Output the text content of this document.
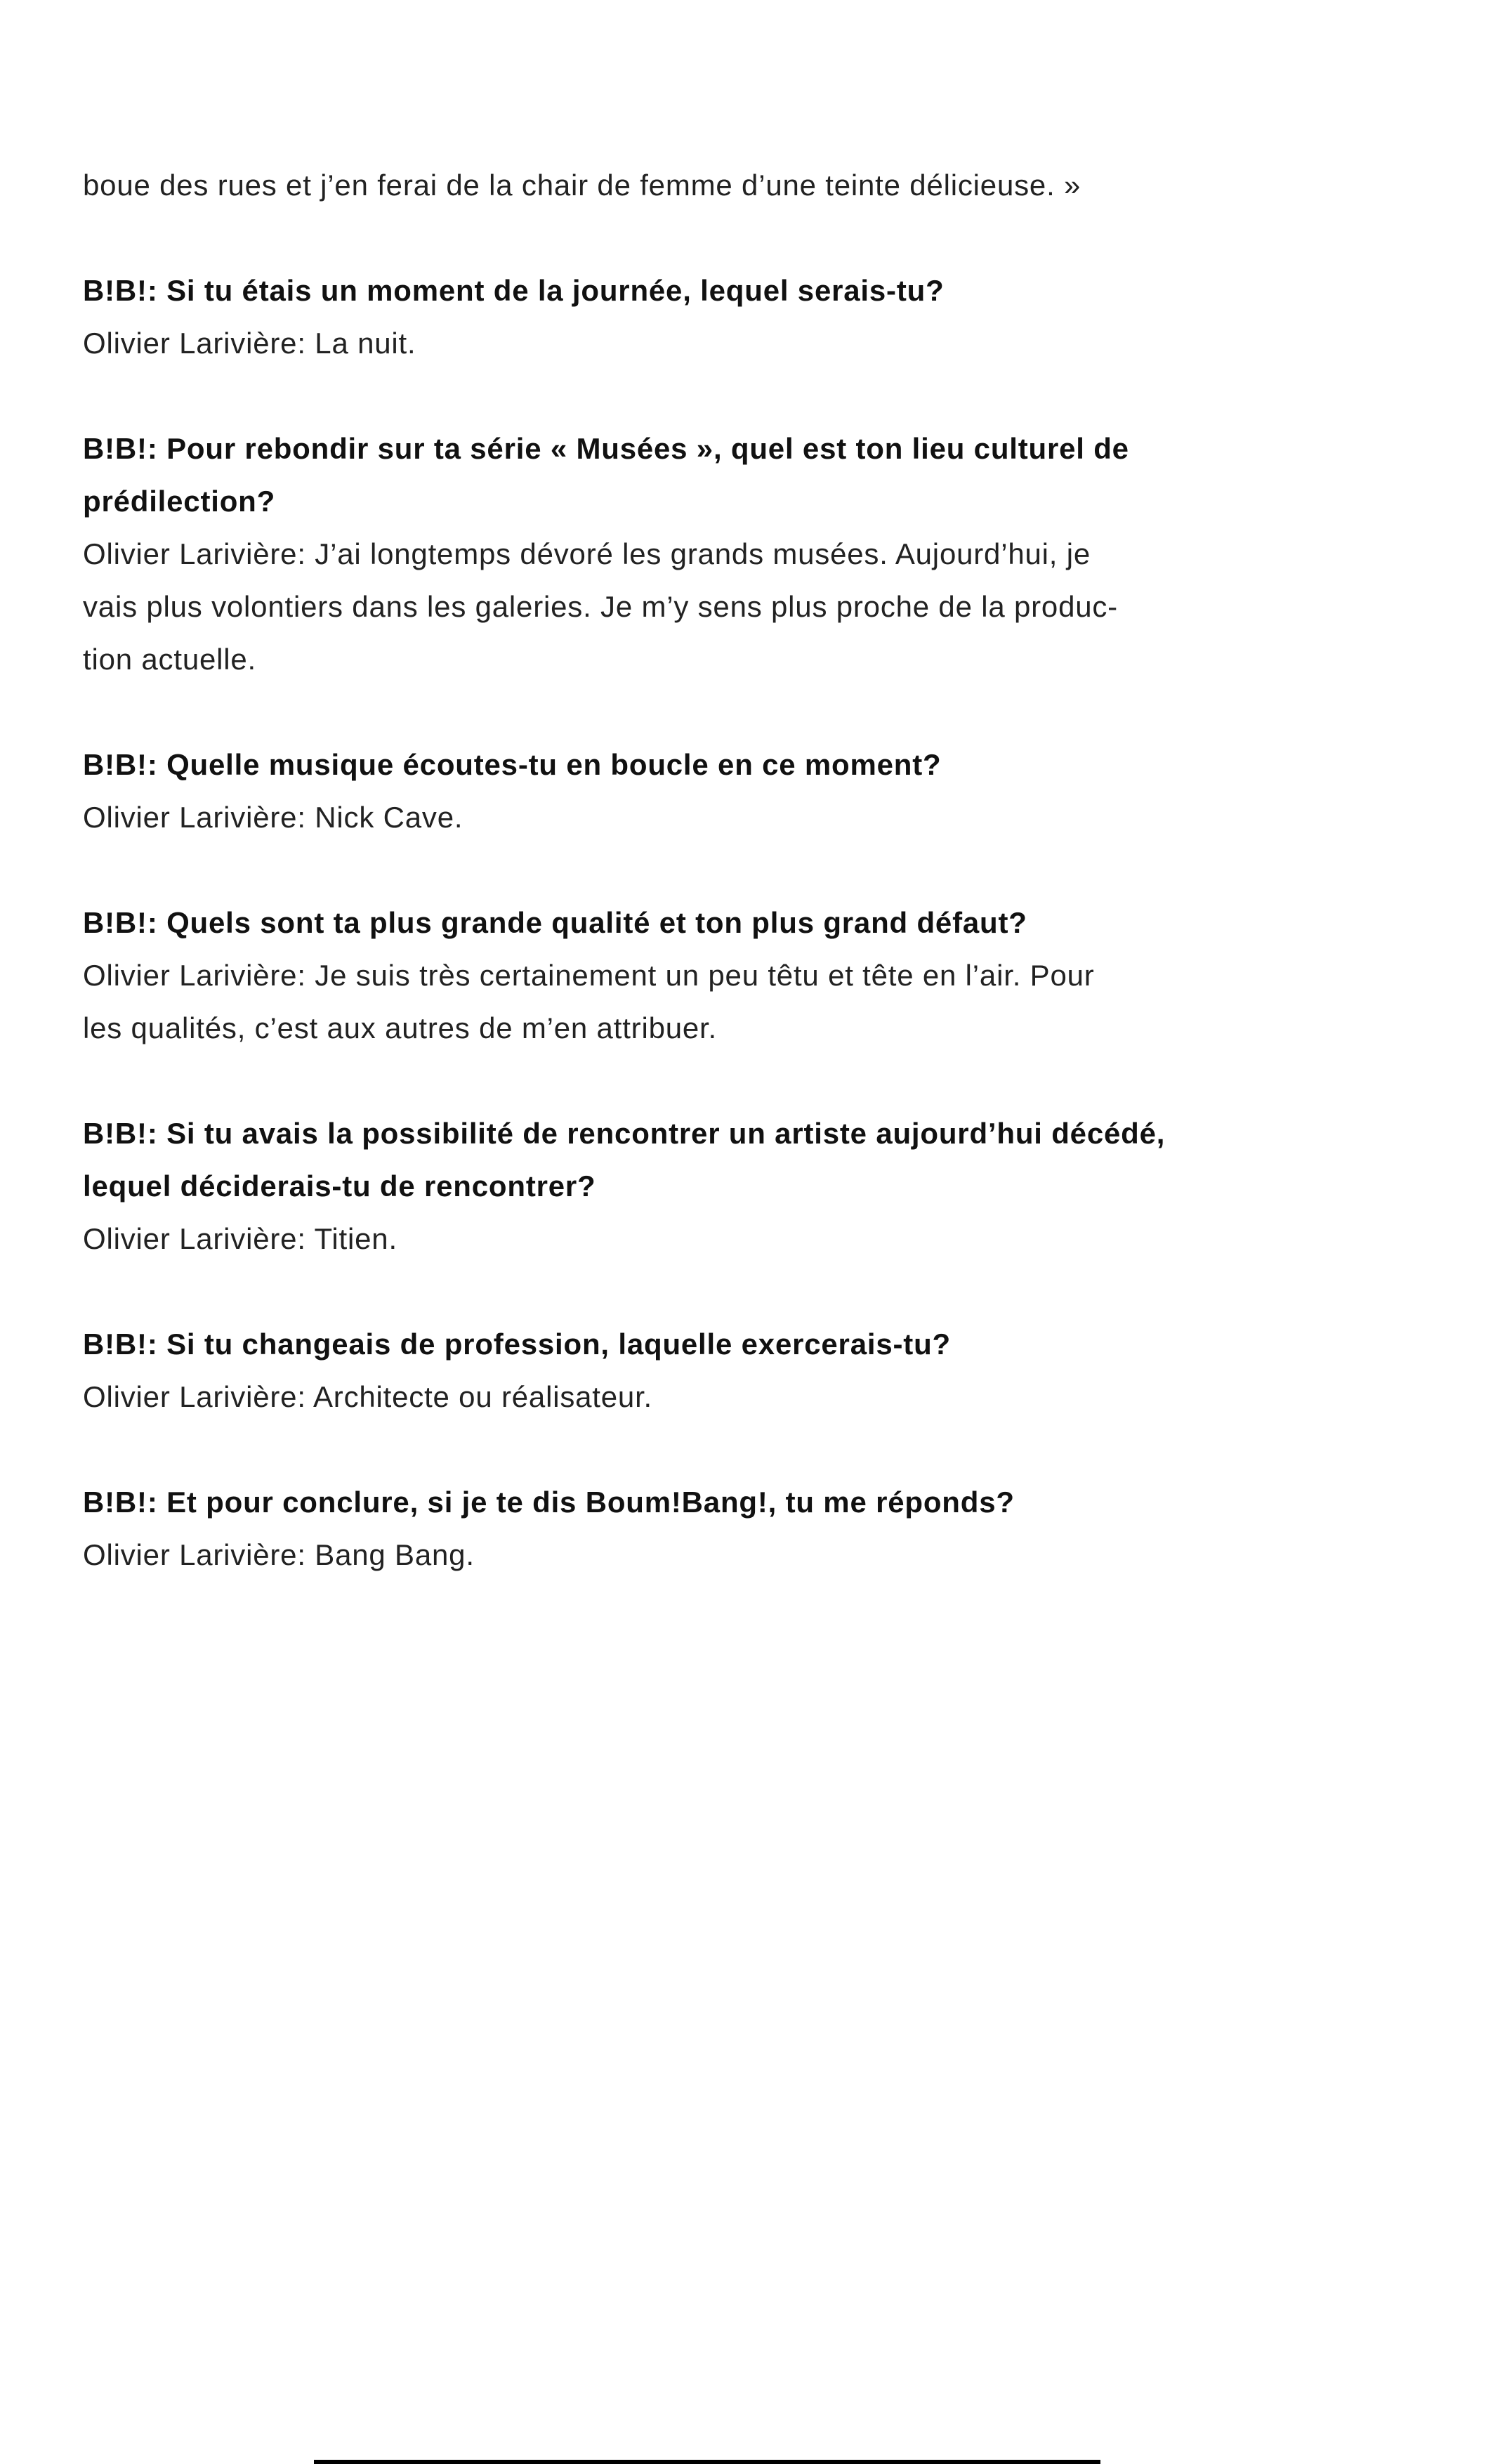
boue des rues et j’en ferai de la chair de femme d’une teinte délicieuse. »
B!B!: Si tu étais un moment de la journée, lequel serais-tu?
Olivier Larivière: La nuit.
B!B!: Pour rebondir sur ta série « Musées », quel est ton lieu culturel de
prédilection?
Olivier Larivière: J’ai longtemps dévoré les grands musées. Aujourd’hui, je
vais plus volontiers dans les galeries. Je m’y sens plus proche de la produc-
tion actuelle.
B!B!: Quelle musique écoutes-tu en boucle en ce moment?
Olivier Larivière: Nick Cave.
B!B!: Quels sont ta plus grande qualité et ton plus grand défaut?
Olivier Larivière: Je suis très certainement un peu têtu et tête en l’air. Pour
les qualités, c’est aux autres de m’en attribuer.
B!B!: Si tu avais la possibilité de rencontrer un artiste aujourd’hui décédé,
lequel déciderais-tu de rencontrer?
Olivier Larivière: Titien.
B!B!: Si tu changeais de profession, laquelle exercerais-tu?
Olivier Larivière: Architecte ou réalisateur.
B!B!: Et pour conclure, si je te dis Boum!Bang!, tu me réponds?
Olivier Larivière: Bang Bang.
